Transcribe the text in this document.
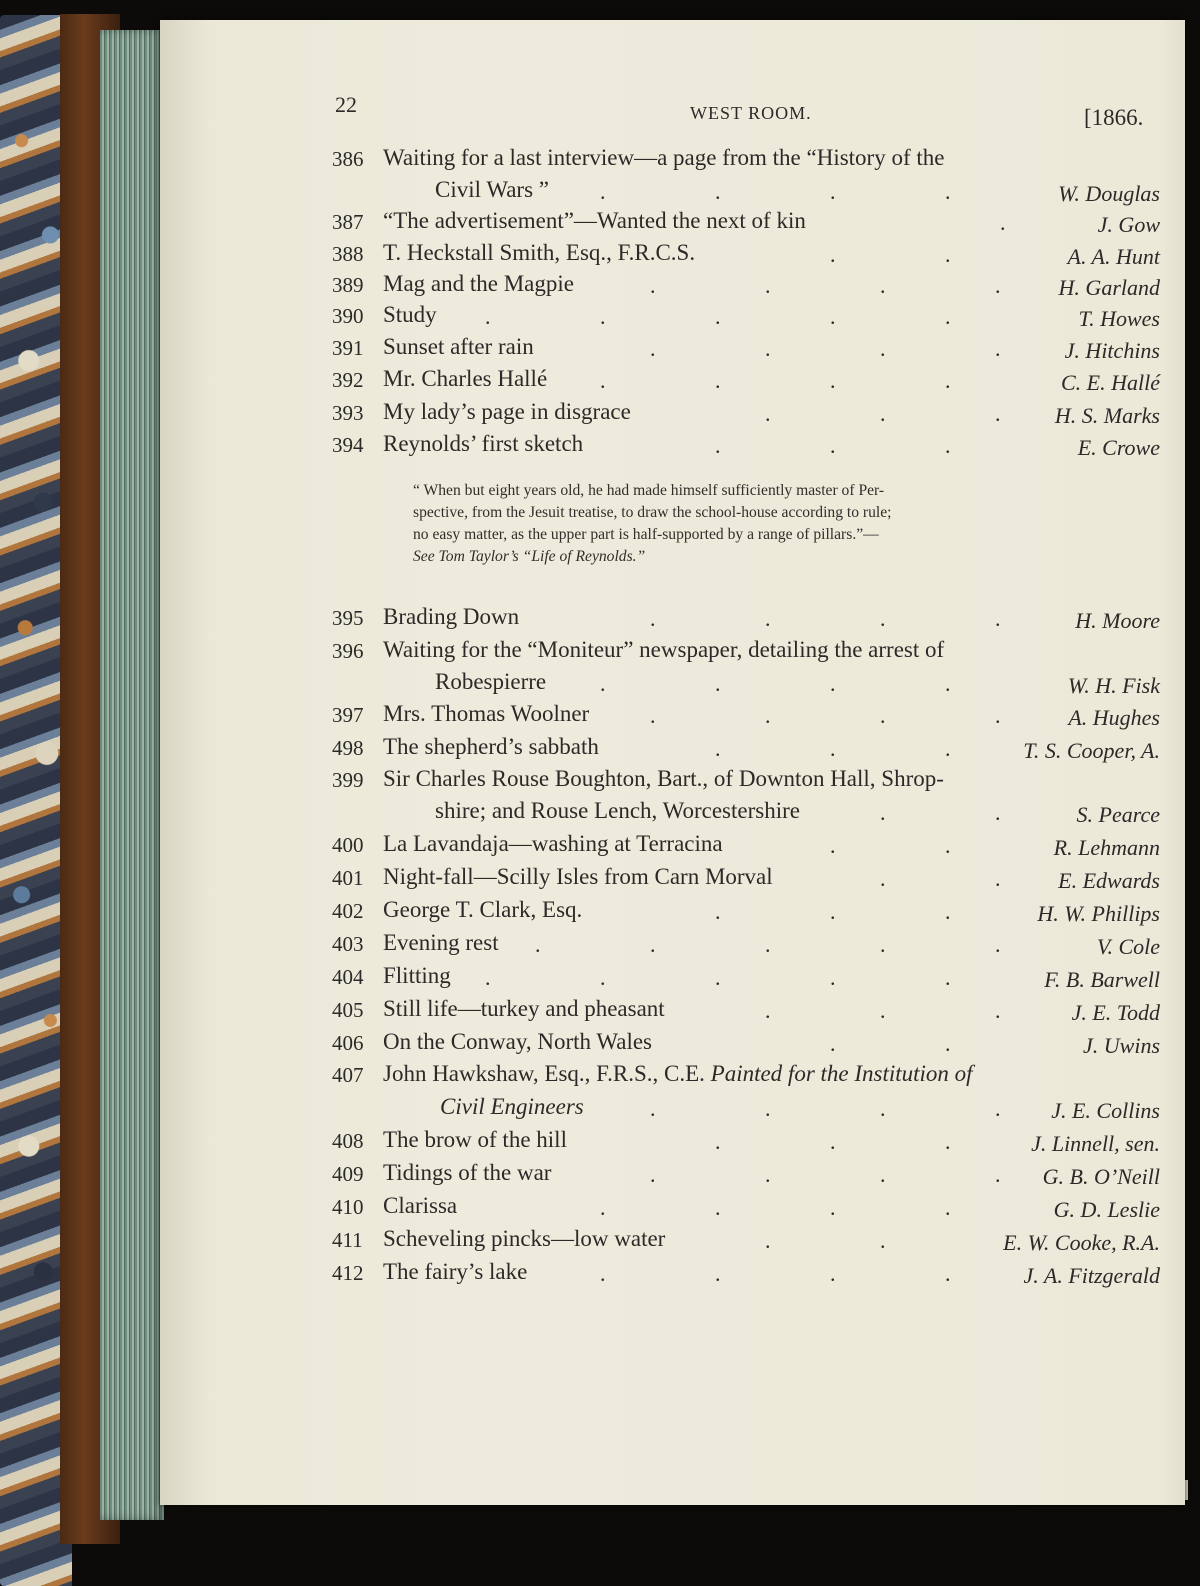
22	WEST ROOM.	[1866.
386 Waiting for a last interview—a page from the “History of the
Civil Wars ” .	.	.	.	W. Douglas
387 “The advertisement”—Wanted the next of kin	.	J. Gow
388 T. Heckstall Smith, Esq., F.R.C.S.	.	.	A. A. Hunt
389 Mag and the Magpie	.	.	.	.	H. Garland
390 Study .	.	.	.	.	T. Howes
391 Sunset after rain	.	.	.	.	J. Hitchins
392 Mr. Charles Hallé .	.	.	.	C. E. Hallé
393 My lady’s page in disgrace	.	.	. H. S. Marks
394 Reynolds’ first sketch	.	.	.	E. Crowe
395 Brading Down	.	.	.	.	H. Moore
396 Waiting for the “Moniteur” newspaper, detailing the arrest of
Robespierre .	.	.	.	W. H. Fisk
397 Mrs. Thomas Woolner	.	.	.	.	A. Hughes
498 The shepherd’s sabbath	.	.	.	T. S. Cooper, A.
399 Sir Charles Rouse Boughton, Bart., of Downton Hall, Shrop-
shire; and Rouse Lench, Worcestershire	.	.	S. Pearce
400 La Lavandaja—washing at Terracina	.	.	R. Lehmann
401 Night-fall—Scilly Isles from Carn Morval	.	.	E. Edwards
402 George T. Clark, Esq.	.	.	.	H. W. Phillips
403 Evening rest .	.	.	.	.	V. Cole
404 Flitting .	.	.	.	.	F. B. Barwell
405 Still life—turkey and pheasant	.	.	.	J. E. Todd
406 On the Conway, North Wales	.	.	J. Uwins
407 John Hawkshaw, Esq., F.R.S., C.E. Painted for the Institution of
Civil Engineers	.	.	.	. J. E. Collins
408 The brow of the hill	.	.	.	J. Linnell, sen.
409 Tidings of the war	.	.	.	. G. B. O’Neill
410 Clarissa	.	.	.	.	G. D. Leslie
411 Scheveling pincks—low water	.	.	E. W. Cooke, R.A.
412 The fairy’s lake	.	.	.	.	J. A. Fitzgerald
“ When but eight years old, he had made himself sufficiently master of Per-
spective, from the Jesuit treatise, to draw the school-house according to rule;
no easy matter, as the upper part is half-supported by a range of pillars.”—
See Tom Taylor’s “Life of Reynolds.”
